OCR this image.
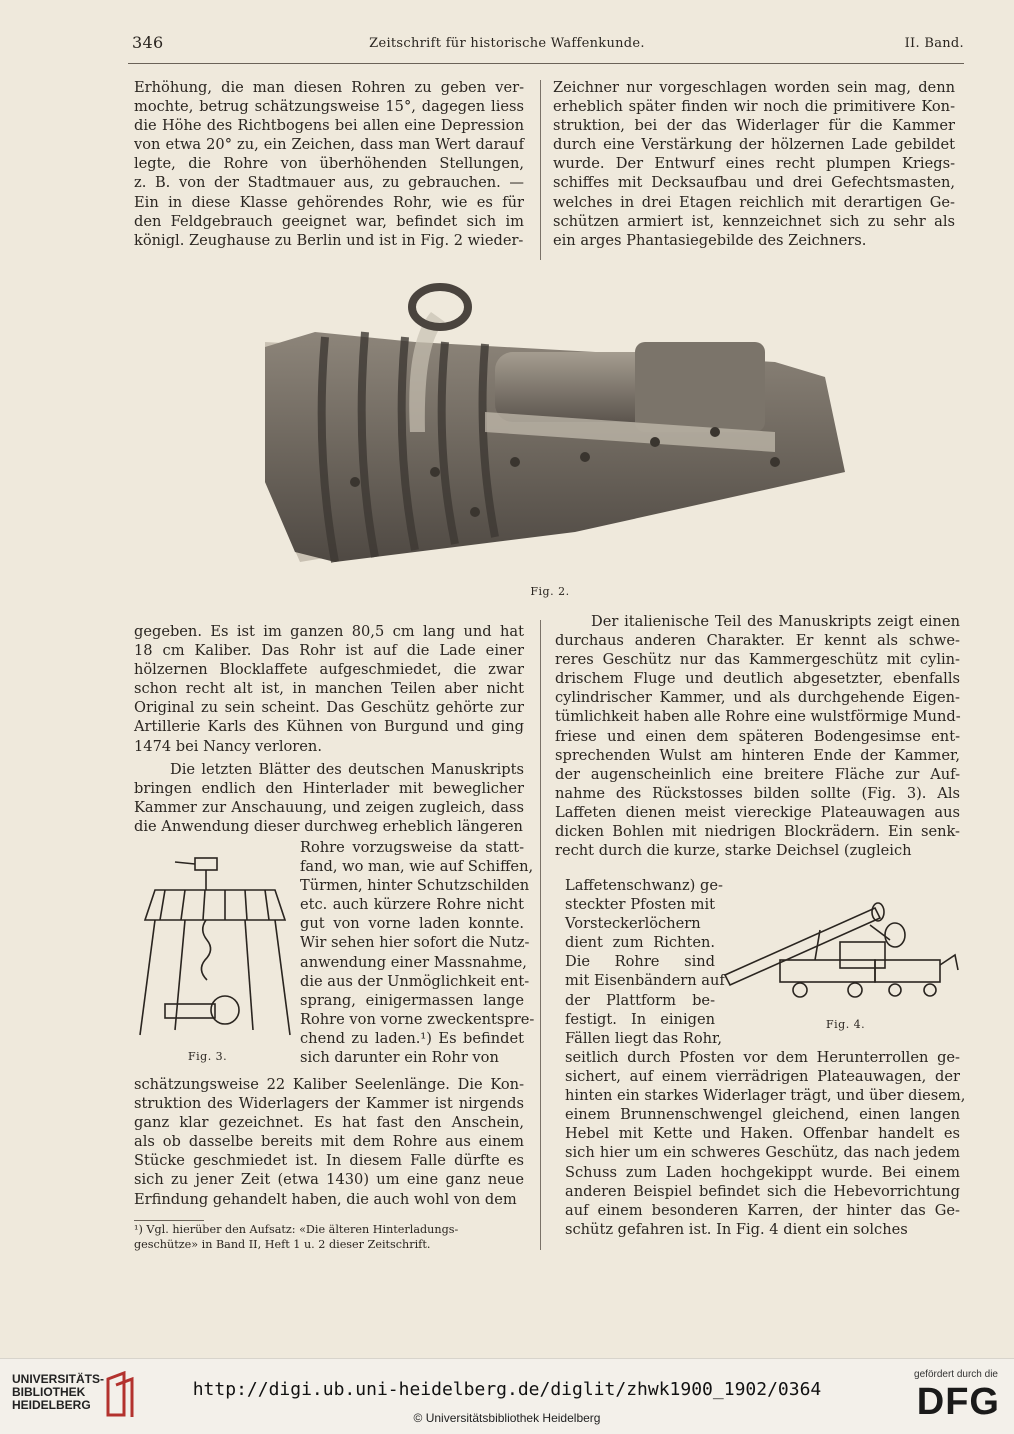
346	Zeitschrift für historische Waffenkunde.	II. Band.
Erhöhung, die man diesen Rohren zu geben ver-
mochte, betrug schätzungsweise 15°, dagegen liess
die Höhe des Richtbogens bei allen eine Depression
von etwa 20° zu, ein Zeichen, dass man Wert darauf
legte, die Rohre von überhöhenden Stellungen,
z. B. von der Stadtmauer aus, zu gebrauchen. —
Ein in diese Klasse gehörendes Rohr, wie es für
den Feldgebrauch geeignet war, befindet sich im
königl. Zeughause zu Berlin und ist in Fig. 2 wieder-
Zeichner nur vorgeschlagen worden sein mag, denn
erheblich später finden wir noch die primitivere Kon-
struktion, bei der das Widerlager für die Kammer
durch eine Verstärkung der hölzernen Lade gebildet
wurde. Der Entwurf eines recht plumpen Kriegs-
schiffes mit Decksaufbau und drei Gefechtsmasten,
welches in drei Etagen reichlich mit derartigen Ge-
schützen armiert ist, kennzeichnet sich zu sehr als
ein arges Phantasiegebilde des Zeichners.
Fig. 2.
gegeben. Es ist im ganzen 80,5 cm lang und hat
18 cm Kaliber. Das Rohr ist auf die Lade einer
hölzernen Blocklaffete aufgeschmiedet, die zwar
schon recht alt ist, in manchen Teilen aber nicht
Original zu sein scheint. Das Geschütz gehörte zur
Artillerie Karls des Kühnen von Burgund und ging
1474 bei Nancy verloren.
Die letzten Blätter des deutschen Manuskripts
bringen endlich den Hinterlader mit beweglicher
Kammer zur Anschauung, und zeigen zugleich, dass
die Anwendung dieser durchweg erheblich längeren
Rohre vorzugsweise da statt-
fand, wo man, wie auf Schiffen,
Türmen, hinter Schutzschilden
etc. auch kürzere Rohre nicht
gut von vorne laden konnte.
Wir sehen hier sofort die Nutz-
anwendung einer Massnahme,
die aus der Unmöglichkeit ent-
sprang, einigermassen lange
Rohre von vorne zweckentspre-
chend zu laden.¹) Es befindet
sich darunter ein Rohr von
Fig. 3.
schätzungsweise 22 Kaliber Seelenlänge. Die Kon-
struktion des Widerlagers der Kammer ist nirgends
ganz klar gezeichnet. Es hat fast den Anschein,
als ob dasselbe bereits mit dem Rohre aus einem
Stücke geschmiedet ist. In diesem Falle dürfte es
sich zu jener Zeit (etwa 1430) um eine ganz neue
Erfindung gehandelt haben, die auch wohl von dem
¹) Vgl. hierüber den Aufsatz: «Die älteren Hinterladungs-
geschütze» in Band II, Heft 1 u. 2 dieser Zeitschrift.
Der italienische Teil des Manuskripts zeigt einen
durchaus anderen Charakter. Er kennt als schwe-
reres Geschütz nur das Kammergeschütz mit cylin-
drischem Fluge und deutlich abgesetzter, ebenfalls
cylindrischer Kammer, und als durchgehende Eigen-
tümlichkeit haben alle Rohre eine wulstförmige Mund-
friese und einen dem späteren Bodengesimse ent-
sprechenden Wulst am hinteren Ende der Kammer,
der augenscheinlich eine breitere Fläche zur Auf-
nahme des Rückstosses bilden sollte (Fig. 3). Als
Laffeten dienen meist viereckige Plateauwagen aus
dicken Bohlen mit niedrigen Blockrädern. Ein senk-
recht durch die kurze, starke Deichsel (zugleich
Laffetenschwanz) ge-
steckter Pfosten mit
Vorsteckerlöchern
dient zum Richten.
Die Rohre sind
mit Eisenbändern auf
der Plattform be-
festigt. In einigen
Fällen liegt das Rohr,
Fig. 4.
seitlich durch Pfosten vor dem Herunterrollen ge-
sichert, auf einem vierrädrigen Plateauwagen, der
hinten ein starkes Widerlager trägt, und über diesem,
einem Brunnenschwengel gleichend, einen langen
Hebel mit Kette und Haken. Offenbar handelt es
sich hier um ein schweres Geschütz, das nach jedem
Schuss zum Laden hochgekippt wurde. Bei einem
anderen Beispiel befindet sich die Hebevorrichtung
auf einem besonderen Karren, der hinter das Ge-
schütz gefahren ist. In Fig. 4 dient ein solches
UNIVERSITÄTS-
BIBLIOTHEK
HEIDELBERG
http://digi.ub.uni-heidelberg.de/diglit/zhwk1900_1902/0364
© Universitätsbibliothek Heidelberg
gefördert durch die
DFG
